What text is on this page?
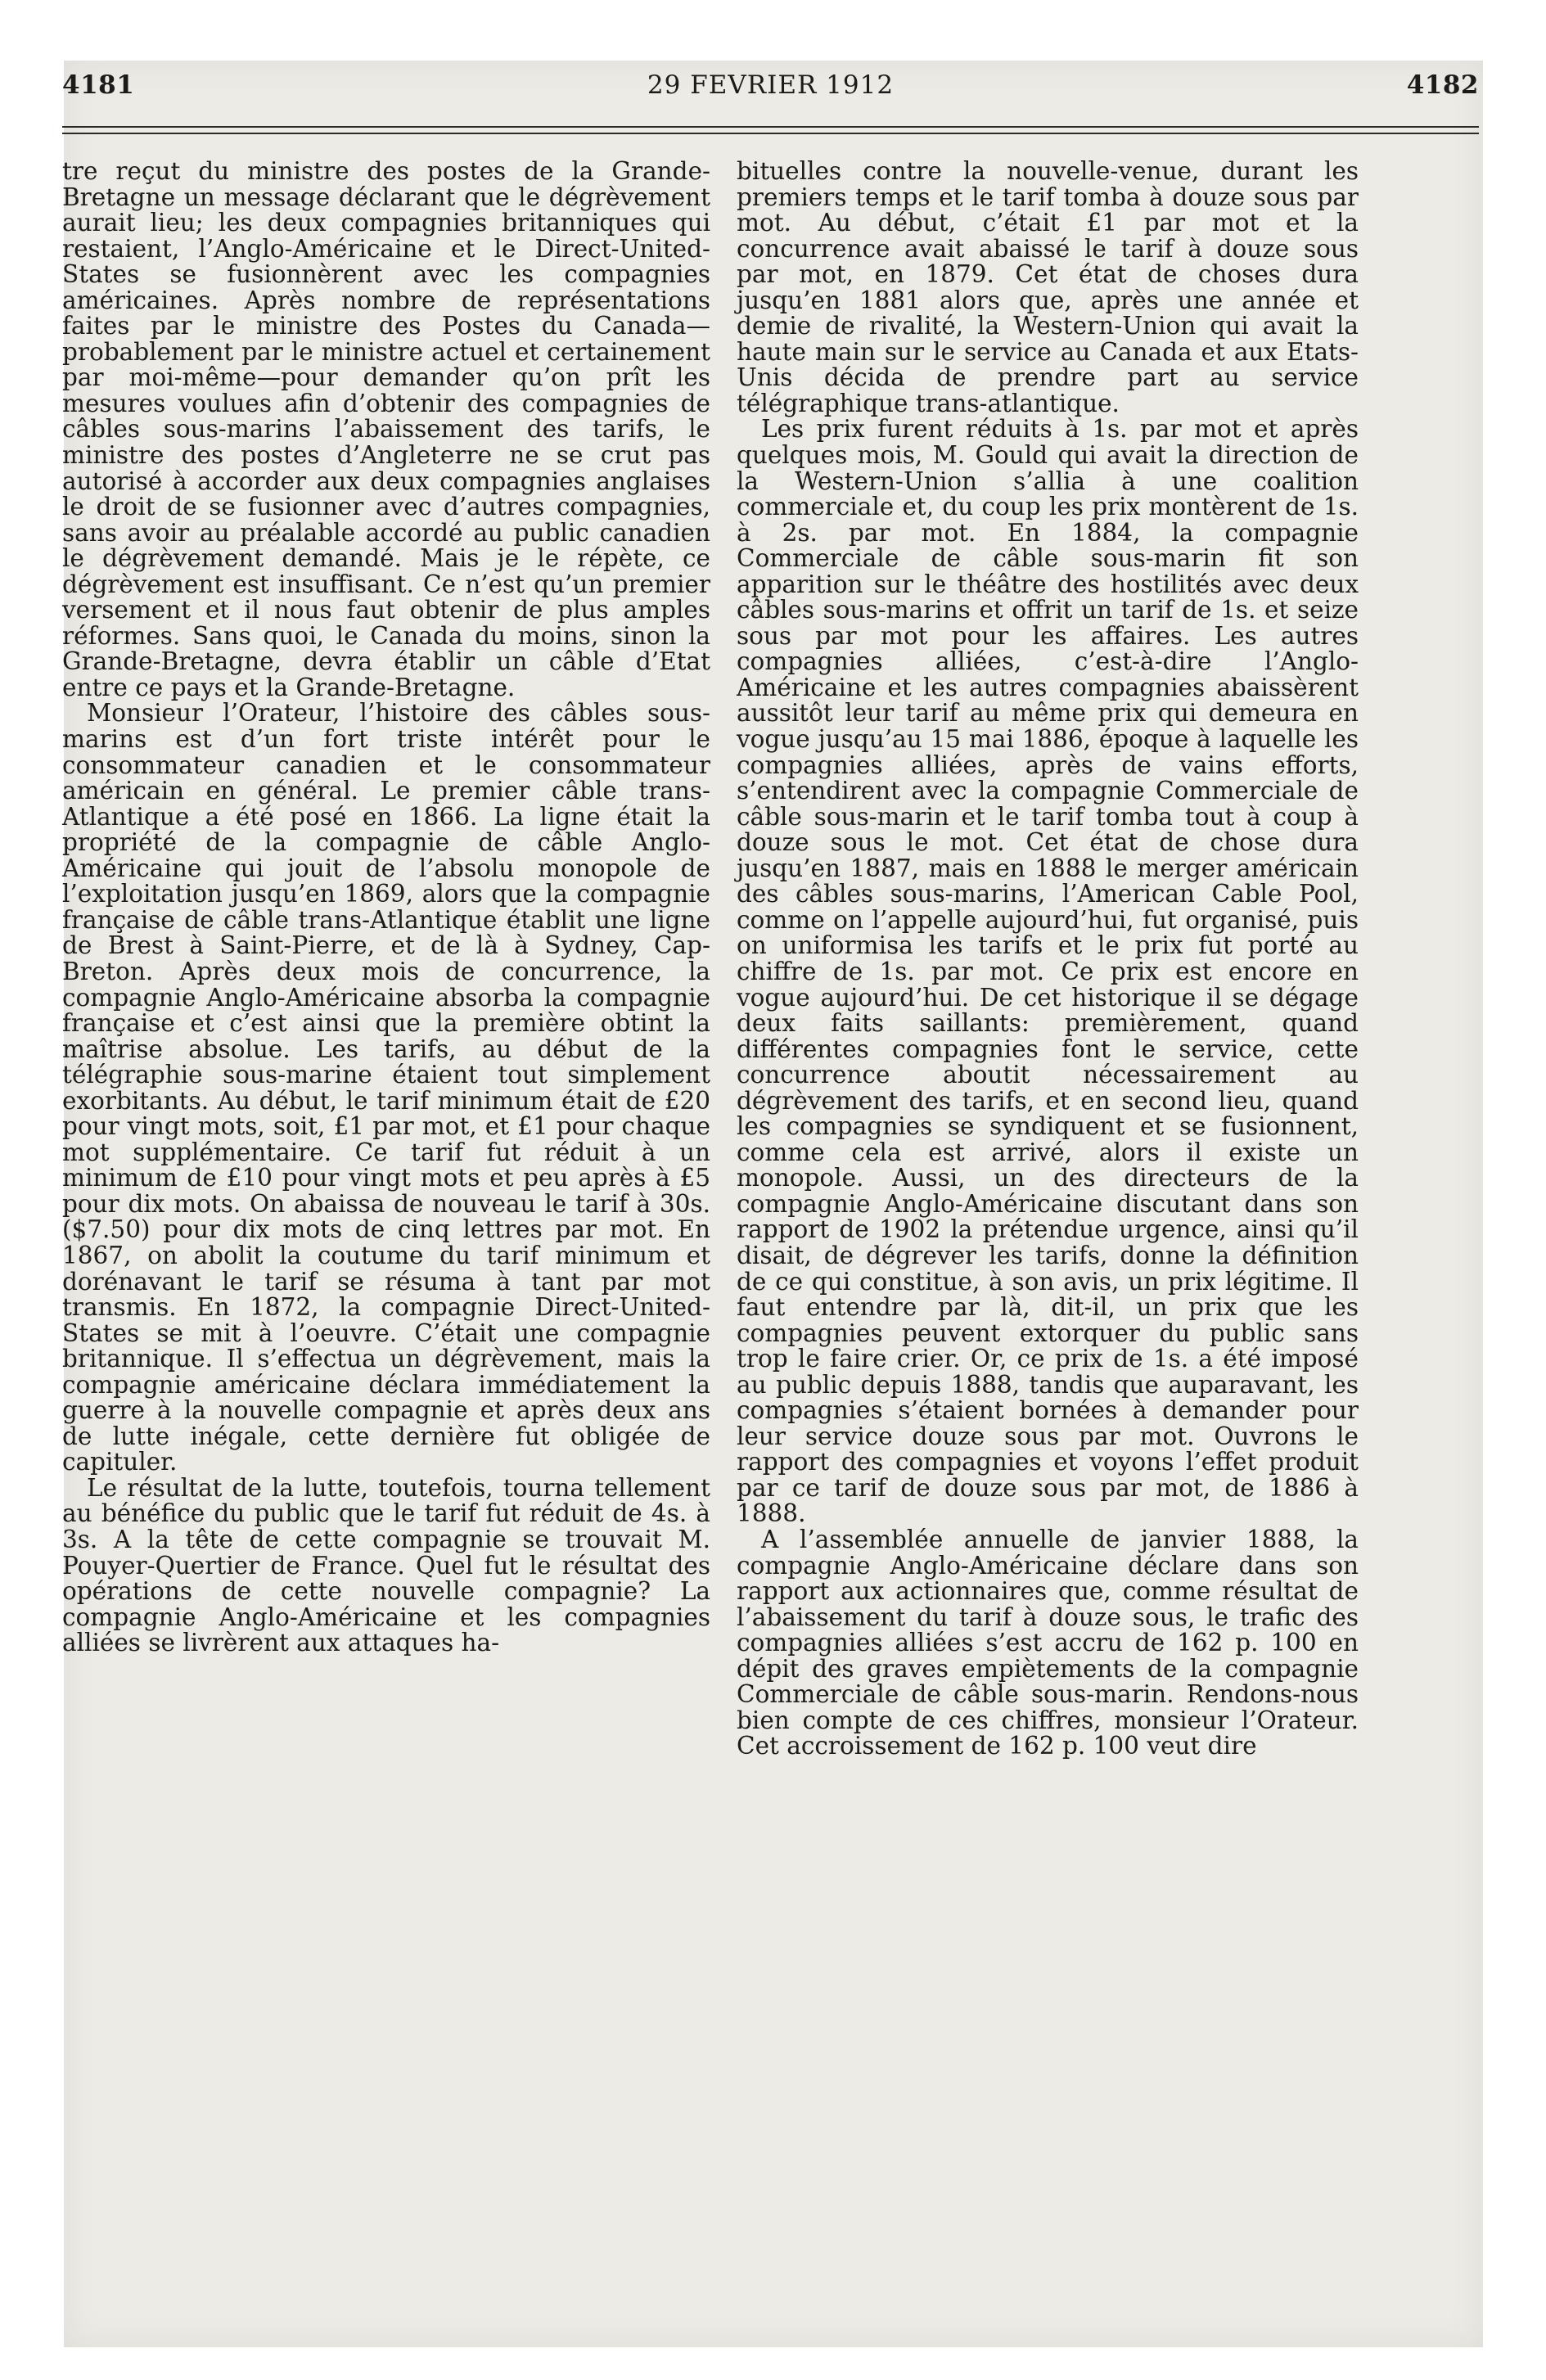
4181	29 FEVRIER 1912	4182

tre reçut du ministre des postes de la Grande-Bretagne un message déclarant que le dégrèvement aurait lieu; les deux compagnies britanniques qui restaient, l’Anglo-Américaine et le Direct-United-States se fusionnèrent avec les compagnies américaines. Après nombre de représentations faites par le ministre des Postes du Canada—probablement par le ministre actuel et certainement par moi-même—pour demander qu’on prît les mesures voulues afin d’obtenir des compagnies de câbles sous-marins l’abaissement des tarifs, le ministre des postes d’Angleterre ne se crut pas autorisé à accorder aux deux compagnies anglaises le droit de se fusionner avec d’autres compagnies, sans avoir au préalable accordé au public canadien le dégrèvement demandé. Mais je le répète, ce dégrèvement est insuffisant. Ce n’est qu’un premier versement et il nous faut obtenir de plus amples réformes. Sans quoi, le Canada du moins, sinon la Grande-Bretagne, devra établir un câble d’Etat entre ce pays et la Grande-Bretagne.

Monsieur l’Orateur, l’histoire des câbles sous-marins est d’un fort triste intérêt pour le consommateur canadien et le consommateur américain en général. Le premier câble trans-Atlantique a été posé en 1866. La ligne était la propriété de la compagnie de câble Anglo-Américaine qui jouit de l’absolu monopole de l’exploitation jusqu’en 1869, alors que la compagnie française de câble trans-Atlantique établit une ligne de Brest à Saint-Pierre, et de là à Sydney, Cap-Breton. Après deux mois de concurrence, la compagnie Anglo-Américaine absorba la compagnie française et c’est ainsi que la première obtint la maîtrise absolue. Les tarifs, au début de la télégraphie sous-marine étaient tout simplement exorbitants. Au début, le tarif minimum était de £20 pour vingt mots, soit, £1 par mot, et £1 pour chaque mot supplémentaire. Ce tarif fut réduit à un minimum de £10 pour vingt mots et peu après à £5 pour dix mots. On abaissa de nouveau le tarif à 30s. ($7.50) pour dix mots de cinq lettres par mot. En 1867, on abolit la coutume du tarif minimum et dorénavant le tarif se résuma à tant par mot transmis. En 1872, la compagnie Direct-United-States se mit à l’oeuvre. C’était une compagnie britannique. Il s’effectua un dégrèvement, mais la compagnie américaine déclara immédiatement la guerre à la nouvelle compagnie et après deux ans de lutte inégale, cette dernière fut obligée de capituler.

Le résultat de la lutte, toutefois, tourna tellement au bénéfice du public que le tarif fut réduit de 4s. à 3s. A la tête de cette compagnie se trouvait M. Pouyer-Quertier de France. Quel fut le résultat des opérations de cette nouvelle compagnie? La compagnie Anglo-Américaine et les compagnies alliées se livrèrent aux attaques ha-

bituelles contre la nouvelle-venue, durant les premiers temps et le tarif tomba à douze sous par mot. Au début, c’était £1 par mot et la concurrence avait abaissé le tarif à douze sous par mot, en 1879. Cet état de choses dura jusqu’en 1881 alors que, après une année et demie de rivalité, la Western-Union qui avait la haute main sur le service au Canada et aux Etats-Unis décida de prendre part au service télégraphique trans-atlantique.

Les prix furent réduits à 1s. par mot et après quelques mois, M. Gould qui avait la direction de la Western-Union s’allia à une coalition commerciale et, du coup les prix montèrent de 1s. à 2s. par mot. En 1884, la compagnie Commerciale de câble sous-marin fit son apparition sur le théâtre des hostilités avec deux câbles sous-marins et offrit un tarif de 1s. et seize sous par mot pour les affaires. Les autres compagnies alliées, c’est-à-dire l’Anglo-Américaine et les autres compagnies abaissèrent aussitôt leur tarif au même prix qui demeura en vogue jusqu’au 15 mai 1886, époque à laquelle les compagnies alliées, après de vains efforts, s’entendirent avec la compagnie Commerciale de câble sous-marin et le tarif tomba tout à coup à douze sous le mot. Cet état de chose dura jusqu’en 1887, mais en 1888 le merger américain des câbles sous-marins, l’American Cable Pool, comme on l’appelle aujourd’hui, fut organisé, puis on uniformisa les tarifs et le prix fut porté au chiffre de 1s. par mot. Ce prix est encore en vogue aujourd’hui. De cet historique il se dégage deux faits saillants: premièrement, quand différentes compagnies font le service, cette concurrence aboutit nécessairement au dégrèvement des tarifs, et en second lieu, quand les compagnies se syndiquent et se fusionnent, comme cela est arrivé, alors il existe un monopole. Aussi, un des directeurs de la compagnie Anglo-Américaine discutant dans son rapport de 1902 la prétendue urgence, ainsi qu’il disait, de dégrever les tarifs, donne la définition de ce qui constitue, à son avis, un prix légitime. Il faut entendre par là, dit-il, un prix que les compagnies peuvent extorquer du public sans trop le faire crier. Or, ce prix de 1s. a été imposé au public depuis 1888, tandis que auparavant, les compagnies s’étaient bornées à demander pour leur service douze sous par mot. Ouvrons le rapport des compagnies et voyons l’effet produit par ce tarif de douze sous par mot, de 1886 à 1888.

A l’assemblée annuelle de janvier 1888, la compagnie Anglo-Américaine déclare dans son rapport aux actionnaires que, comme résultat de l’abaissement du tarif à douze sous, le trafic des compagnies alliées s’est accru de 162 p. 100 en dépit des graves empiètements de la compagnie Commerciale de câble sous-marin. Rendons-nous bien compte de ces chiffres, monsieur l’Orateur. Cet accroissement de 162 p. 100 veut dire
